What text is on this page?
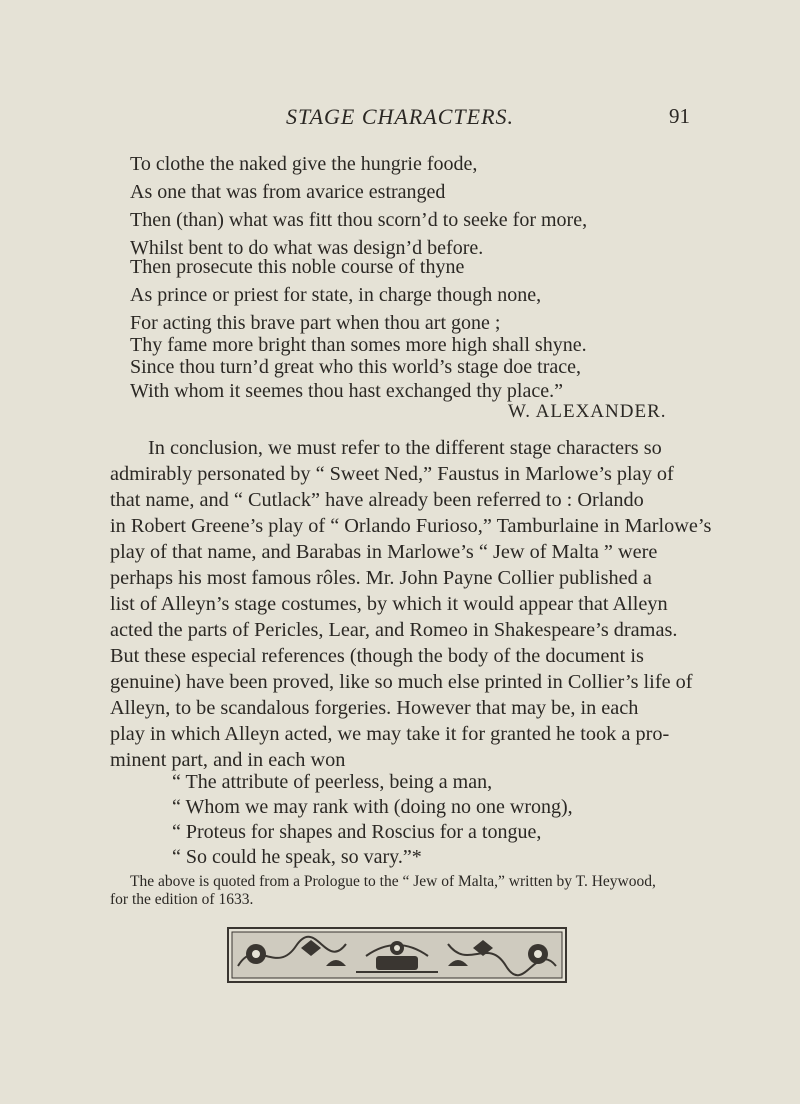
STAGE CHARACTERS.	91
To clothe the naked give the hungrie foode,
As one that was from avarice estranged
Then (than) what was fitt thou scorn’d to seeke for more,
Whilst bent to do what was design’d before.
Then prosecute this noble course of thyne
As prince or priest for state, in charge though none,
For acting this brave part when thou art gone ;
Thy fame more bright than somes more high shall shyne.
Since thou turn’d great who this world’s stage doe trace,
With whom it seemes thou hast exchanged thy place.”
W. ALEXANDER.
In conclusion, we must refer to the different stage characters so
admirably personated by “ Sweet Ned,” Faustus in Marlowe’s play of
that name, and “ Cutlack” have already been referred to : Orlando
in Robert Greene’s play of “ Orlando Furioso,” Tamburlaine in Marlowe’s
play of that name, and Barabas in Marlowe’s “ Jew of Malta ” were
perhaps his most famous rôles. Mr. John Payne Collier published a
list of Alleyn’s stage costumes, by which it would appear that Alleyn
acted the parts of Pericles, Lear, and Romeo in Shakespeare’s dramas.
But these especial references (though the body of the document is
genuine) have been proved, like so much else printed in Collier’s life of
Alleyn, to be scandalous forgeries. However that may be, in each
play in which Alleyn acted, we may take it for granted he took a pro-
minent part, and in each won
“ The attribute of peerless, being a man,
“ Whom we may rank with (doing no one wrong),
“ Proteus for shapes and Roscius for a tongue,
“ So could he speak, so vary.”*
The above is quoted from a Prologue to the “ Jew of Malta,” written by T. Heywood,
for the edition of 1633.
